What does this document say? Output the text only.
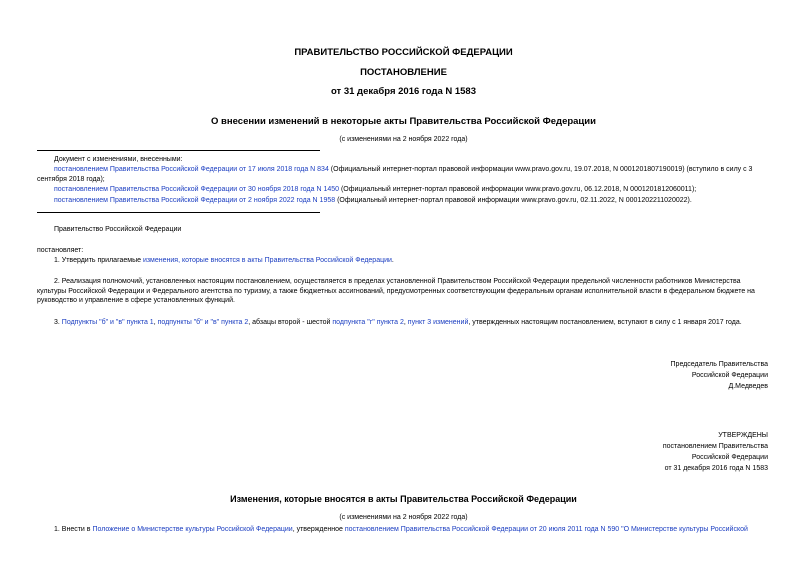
ПРАВИТЕЛЬСТВО РОССИЙСКОЙ ФЕДЕРАЦИИ
ПОСТАНОВЛЕНИЕ
от 31 декабря 2016 года N 1583
О внесении изменений в некоторые акты Правительства Российской Федерации
(с изменениями на 2 ноября 2022 года)
Документ с изменениями, внесенными:
постановлением Правительства Российской Федерации от 17 июля 2018 года N 834 (Официальный интернет-портал правовой информации www.pravo.gov.ru, 19.07.2018, N 0001201807190019) (вступило в силу с 3 сентября 2018 года);
постановлением Правительства Российской Федерации от 30 ноября 2018 года N 1450 (Официальный интернет-портал правовой информации www.pravo.gov.ru, 06.12.2018, N 0001201812060011);
постановлением Правительства Российской Федерации от 2 ноября 2022 года N 1958 (Официальный интернет-портал правовой информации www.pravo.gov.ru, 02.11.2022, N 0001202211020022).
Правительство Российской Федерации
постановляет:
1. Утвердить прилагаемые изменения, которые вносятся в акты Правительства Российской Федерации.
2. Реализация полномочий, установленных настоящим постановлением, осуществляется в пределах установленной Правительством Российской Федерации предельной численности работников Министерства культуры Российской Федерации и Федерального агентства по туризму, а также бюджетных ассигнований, предусмотренных соответствующим федеральным органам исполнительной власти в федеральном бюджете на руководство и управление в сфере установленных функций.
3. Подпункты "б" и "в" пункта 1, подпункты "б" и "в" пункта 2, абзацы второй - шестой подпункта "г" пункта 2, пункт 3 изменений, утвержденных настоящим постановлением, вступают в силу с 1 января 2017 года.
Председатель Правительства
Российской Федерации
Д.Медведев
УТВЕРЖДЕНЫ
постановлением Правительства
Российской Федерации
от 31 декабря 2016 года N 1583
Изменения, которые вносятся в акты Правительства Российской Федерации
(с изменениями на 2 ноября 2022 года)
1. Внести в Положение о Министерстве культуры Российской Федерации, утвержденное постановлением Правительства Российской Федерации от 20 июля 2011 года N 590 "О Министерстве культуры Российской
